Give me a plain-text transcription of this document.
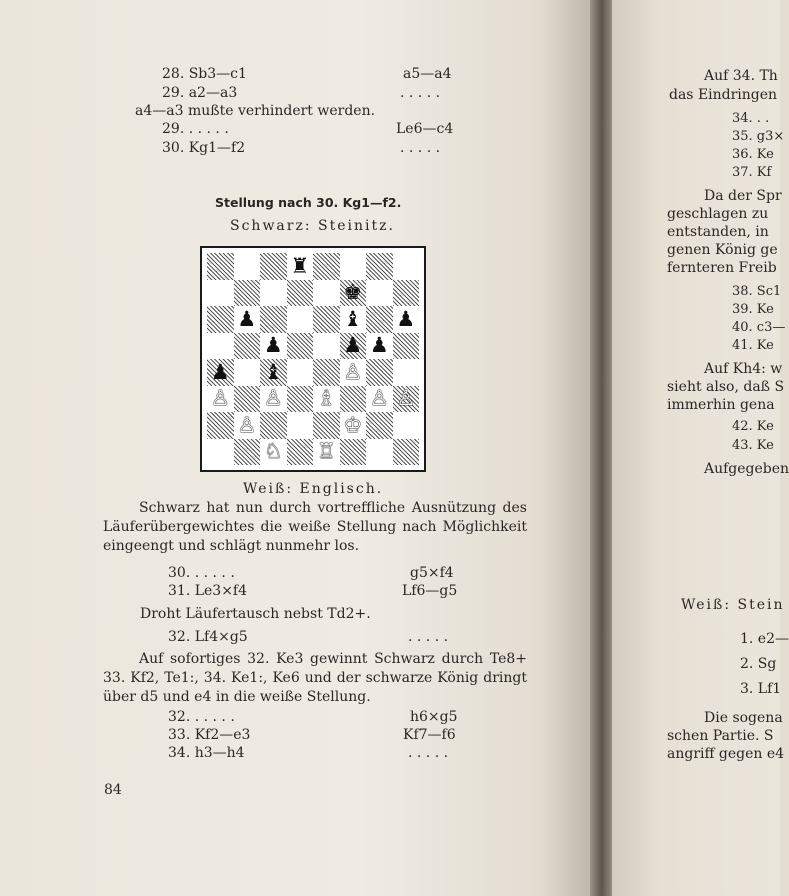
28. Sb3—c1	a5—a4
29. a2—a3	. . . . .
a4—a3 mußte verhindert werden.
29. . . . . .	Le6—c4
30. Kg1—f2	. . . . .
Stellung nach 30. Kg1—f2.
Schwarz: Steinitz.
♜
♚
♟	♝ ♟
♟	♟ ♟
♟ ♝	♙
♙ ♙ ♗ ♙ ♙
♙	♔
♘ ♖
Weiß: Englisch.
Schwarz hat nun durch vortreffliche Ausnützung des
Läuferübergewichtes die weiße Stellung nach Möglichkeit
eingeengt und schlägt nunmehr los.
30. . . . . .	g5×f4
31. Le3×f4	Lf6—g5
Droht Läufertausch nebst Td2+.
32. Lf4×g5	. . . . .
Auf sofortiges 32. Ke3 gewinnt Schwarz durch Te8+
33. Kf2, Te1:, 34. Ke1:, Ke6 und der schwarze König dringt
über d5 und e4 in die weiße Stellung.
32. . . . . .	h6×g5
33. Kf2—e3	Kf7—f6
34. h3—h4	. . . . .
84
Auf 34. Th
das Eindringen
34. . .
35. g3×
36. Ke
37. Kf
Da der Spr
geschlagen zu
entstanden, in
genen König ge
fernteren Freib
38. Sc1
39. Ke
40. c3—
41. Ke
Auf Kh4: w
sieht also, daß S
immerhin gena
42. Ke
43. Ke
Aufgegeben
Weiß: Stein
1. e2—
2. Sg
3. Lf1
Die sogena
schen Partie. S
angriff gegen e4
